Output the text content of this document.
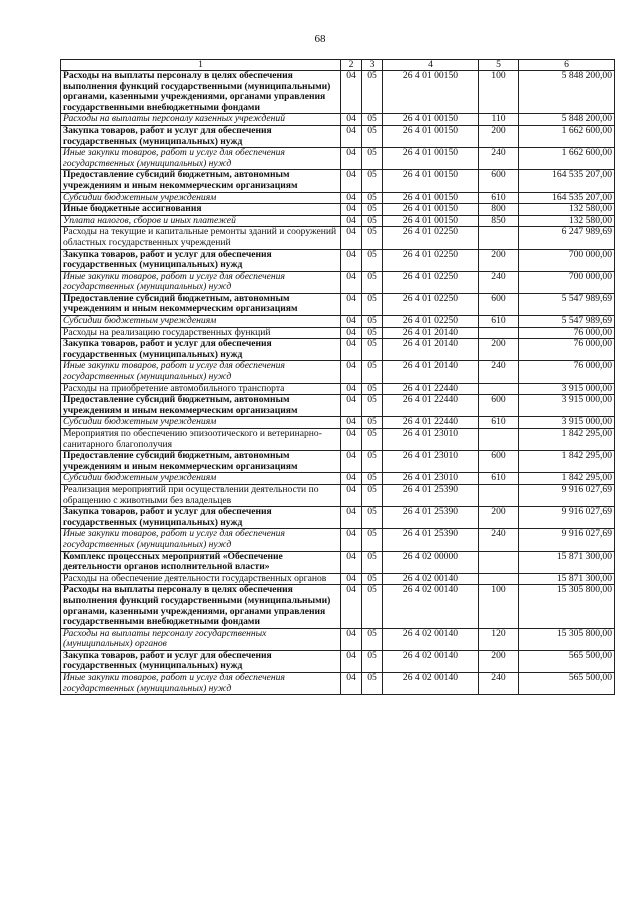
68
1	2	3	4	5	6
Расходы на выплаты персоналу в целях обеспечения выполнения функций государственными (муниципальными) органами, казенными учреждениями, органами управления государственными внебюджетными фондами	04	05	26 4 01 00150	100	5 848 200,00
Расходы на выплаты персоналу казенных учреждений	04	05	26 4 01 00150	110	5 848 200,00
Закупка товаров, работ и услуг для обеспечения государственных (муниципальных) нужд	04	05	26 4 01 00150	200	1 662 600,00
Иные закупки товаров, работ и услуг для обеспечения государственных (муниципальных) нужд	04	05	26 4 01 00150	240	1 662 600,00
Предоставление субсидий бюджетным, автономным учреждениям и иным некоммерческим организациям	04	05	26 4 01 00150	600	164 535 207,00
Субсидии бюджетным учреждениям	04	05	26 4 01 00150	610	164 535 207,00
Иные бюджетные ассигнования	04	05	26 4 01 00150	800	132 580,00
Уплата налогов, сборов и иных платежей	04	05	26 4 01 00150	850	132 580,00
Расходы на текущие и капитальные ремонты зданий и сооружений областных государственных учреждений	04	05	26 4 01 02250		6 247 989,69
Закупка товаров, работ и услуг для обеспечения государственных (муниципальных) нужд	04	05	26 4 01 02250	200	700 000,00
Иные закупки товаров, работ и услуг для обеспечения государственных (муниципальных) нужд	04	05	26 4 01 02250	240	700 000,00
Предоставление субсидий бюджетным, автономным учреждениям и иным некоммерческим организациям	04	05	26 4 01 02250	600	5 547 989,69
Субсидии бюджетным учреждениям	04	05	26 4 01 02250	610	5 547 989,69
Расходы на реализацию государственных функций	04	05	26 4 01 20140		76 000,00
Закупка товаров, работ и услуг для обеспечения государственных (муниципальных) нужд	04	05	26 4 01 20140	200	76 000,00
Иные закупки товаров, работ и услуг для обеспечения государственных (муниципальных) нужд	04	05	26 4 01 20140	240	76 000,00
Расходы на приобретение автомобильного транспорта	04	05	26 4 01 22440		3 915 000,00
Предоставление субсидий бюджетным, автономным учреждениям и иным некоммерческим организациям	04	05	26 4 01 22440	600	3 915 000,00
Субсидии бюджетным учреждениям	04	05	26 4 01 22440	610	3 915 000,00
Мероприятия по обеспечению эпизоотического и ветеринарно-санитарного благополучия	04	05	26 4 01 23010		1 842 295,00
Предоставление субсидий бюджетным, автономным учреждениям и иным некоммерческим организациям	04	05	26 4 01 23010	600	1 842 295,00
Субсидии бюджетным учреждениям	04	05	26 4 01 23010	610	1 842 295,00
Реализация мероприятий при осуществлении деятельности по обращению с животными без владельцев	04	05	26 4 01 25390		9 916 027,69
Закупка товаров, работ и услуг для обеспечения государственных (муниципальных) нужд	04	05	26 4 01 25390	200	9 916 027,69
Иные закупки товаров, работ и услуг для обеспечения государственных (муниципальных) нужд	04	05	26 4 01 25390	240	9 916 027,69
Комплекс процессных мероприятий «Обеспечение деятельности органов исполнительной власти»	04	05	26 4 02 00000		15 871 300,00
Расходы на обеспечение деятельности государственных органов	04	05	26 4 02 00140		15 871 300,00
Расходы на выплаты персоналу в целях обеспечения выполнения функций государственными (муниципальными) органами, казенными учреждениями, органами управления государственными внебюджетными фондами	04	05	26 4 02 00140	100	15 305 800,00
Расходы на выплаты персоналу государственных (муниципальных) органов	04	05	26 4 02 00140	120	15 305 800,00
Закупка товаров, работ и услуг для обеспечения государственных (муниципальных) нужд	04	05	26 4 02 00140	200	565 500,00
Иные закупки товаров, работ и услуг для обеспечения государственных (муниципальных) нужд	04	05	26 4 02 00140	240	565 500,00
